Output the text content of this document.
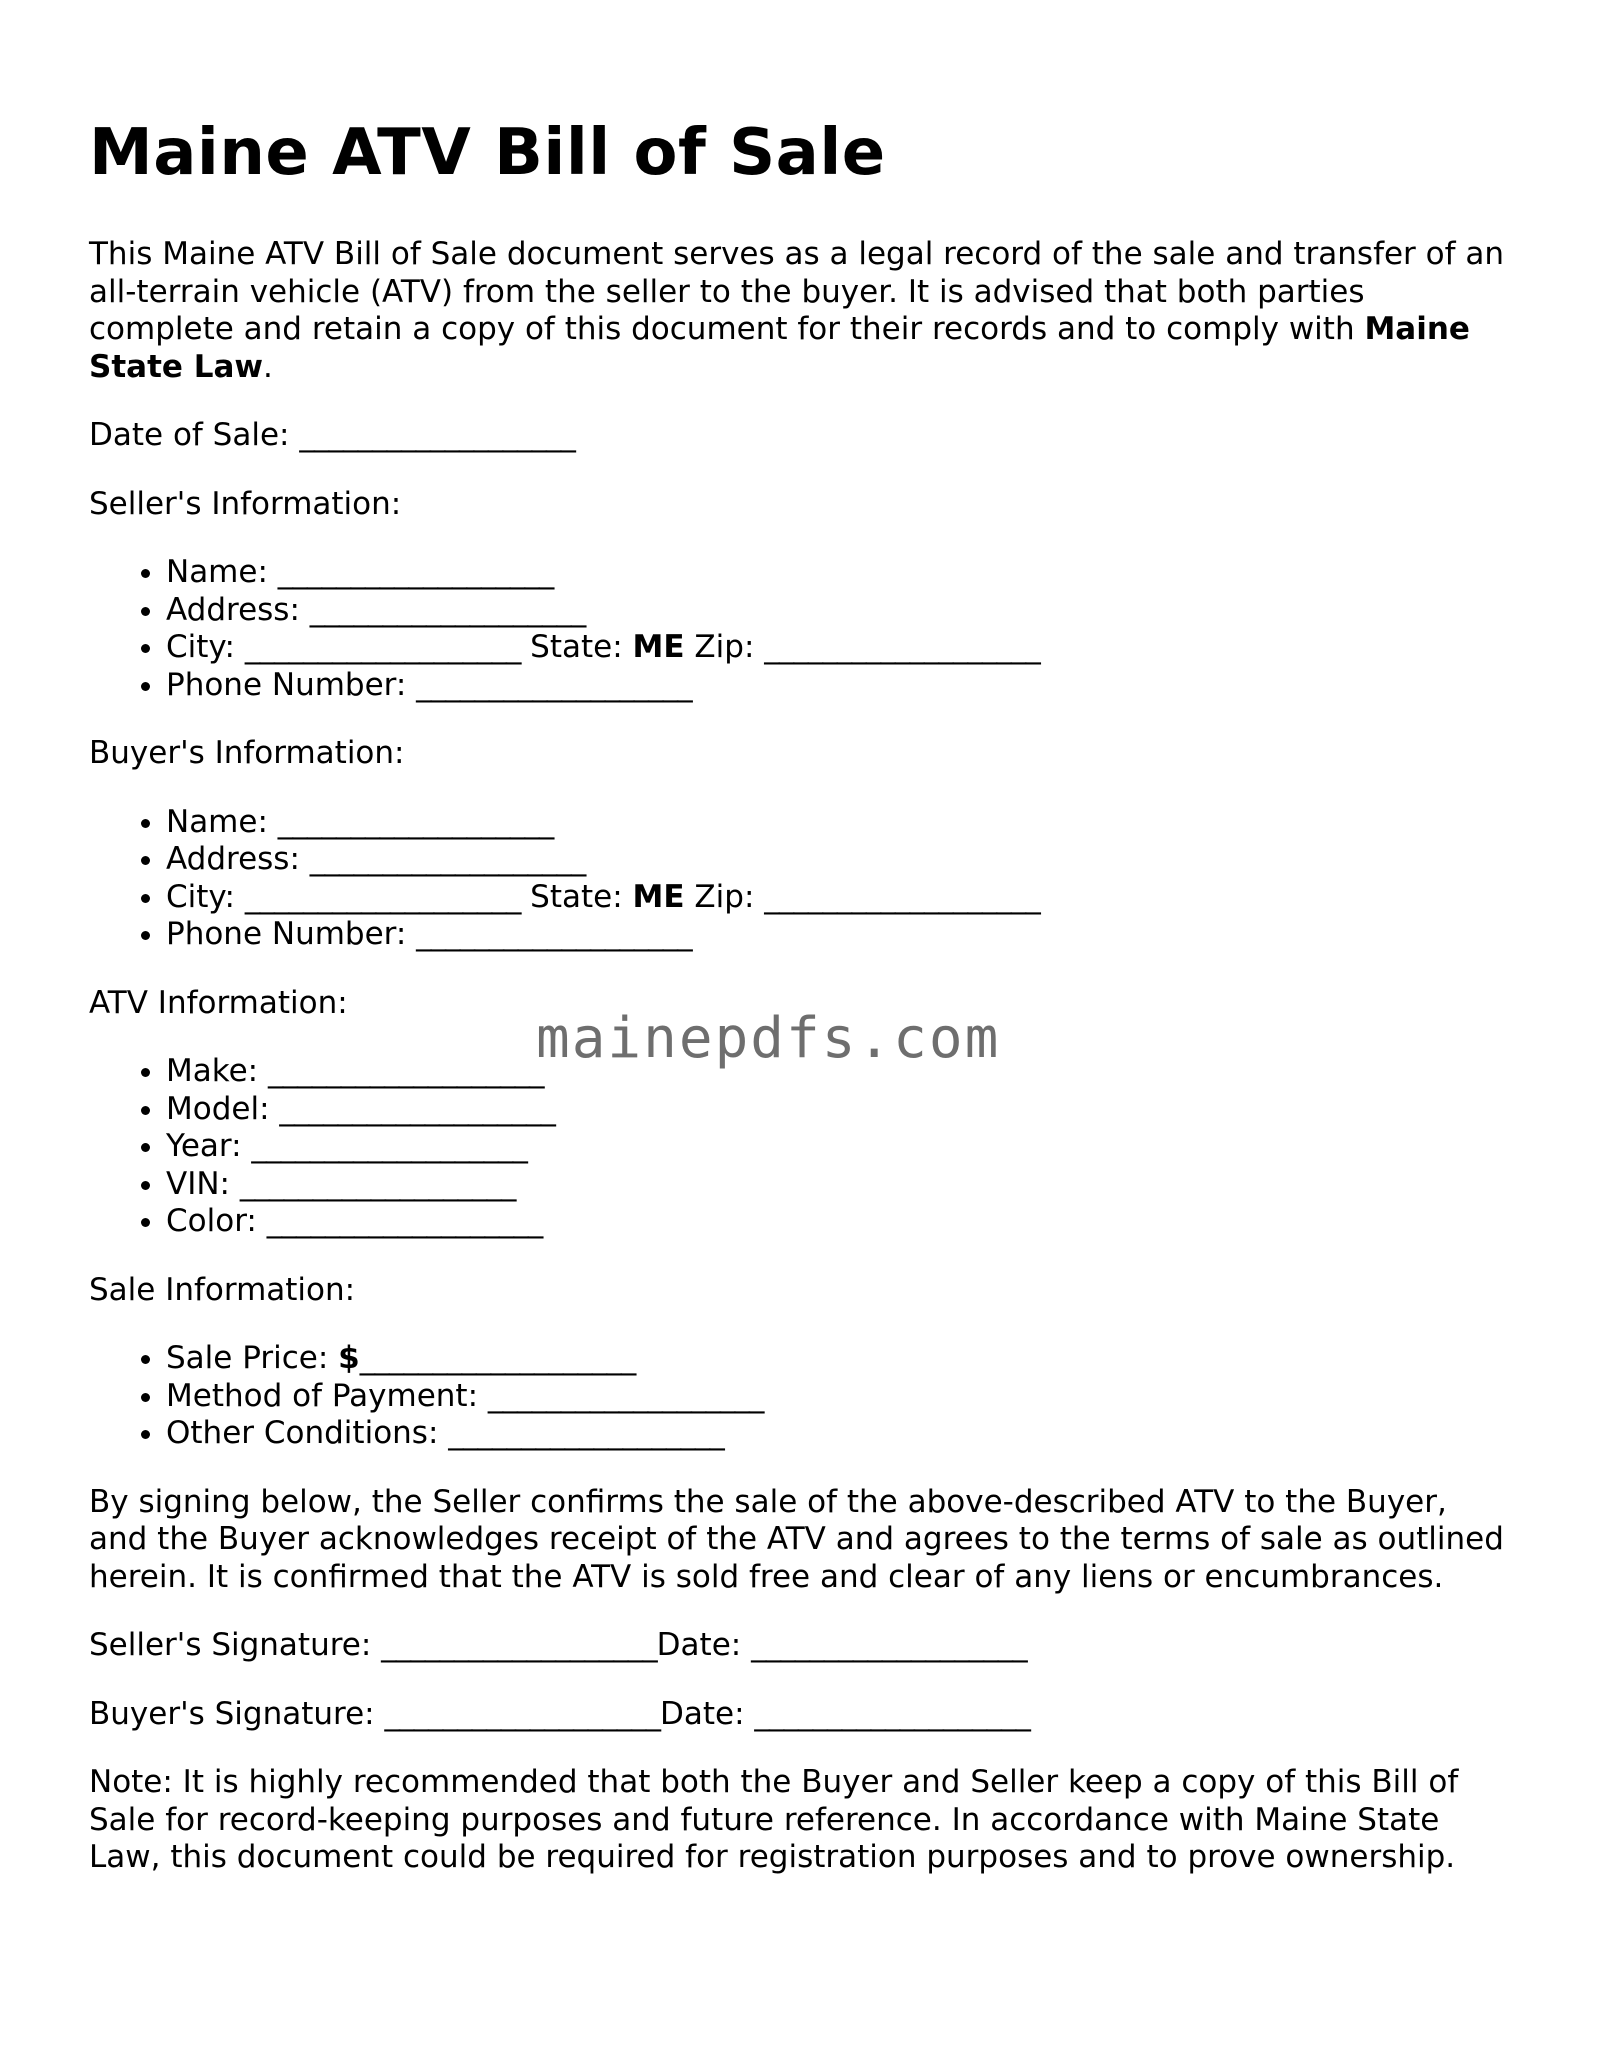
Maine ATV Bill of Sale

This Maine ATV Bill of Sale document serves as a legal record of the sale and transfer of an all-terrain vehicle (ATV) from the seller to the buyer. It is advised that both parties complete and retain a copy of this document for their records and to comply with Maine State Law.

Date of Sale: ___________________

Seller's Information:

• Name: ___________________
• Address: ___________________
• City: ___________________ State: ME Zip: ___________________
• Phone Number: ___________________

Buyer's Information:

• Name: ___________________
• Address: ___________________
• City: ___________________ State: ME Zip: ___________________
• Phone Number: ___________________

ATV Information:

• Make: ___________________
• Model: ___________________
• Year: ___________________
• VIN: ___________________
• Color: ___________________

Sale Information:

• Sale Price: $___________________
• Method of Payment: ___________________
• Other Conditions: ___________________

By signing below, the Seller confirms the sale of the above-described ATV to the Buyer, and the Buyer acknowledges receipt of the ATV and agrees to the terms of sale as outlined herein. It is confirmed that the ATV is sold free and clear of any liens or encumbrances.

Seller's Signature: ___________________Date: ___________________

Buyer's Signature: ___________________Date: ___________________

Note: It is highly recommended that both the Buyer and Seller keep a copy of this Bill of Sale for record-keeping purposes and future reference. In accordance with Maine State Law, this document could be required for registration purposes and to prove ownership.

mainepdfs.com
